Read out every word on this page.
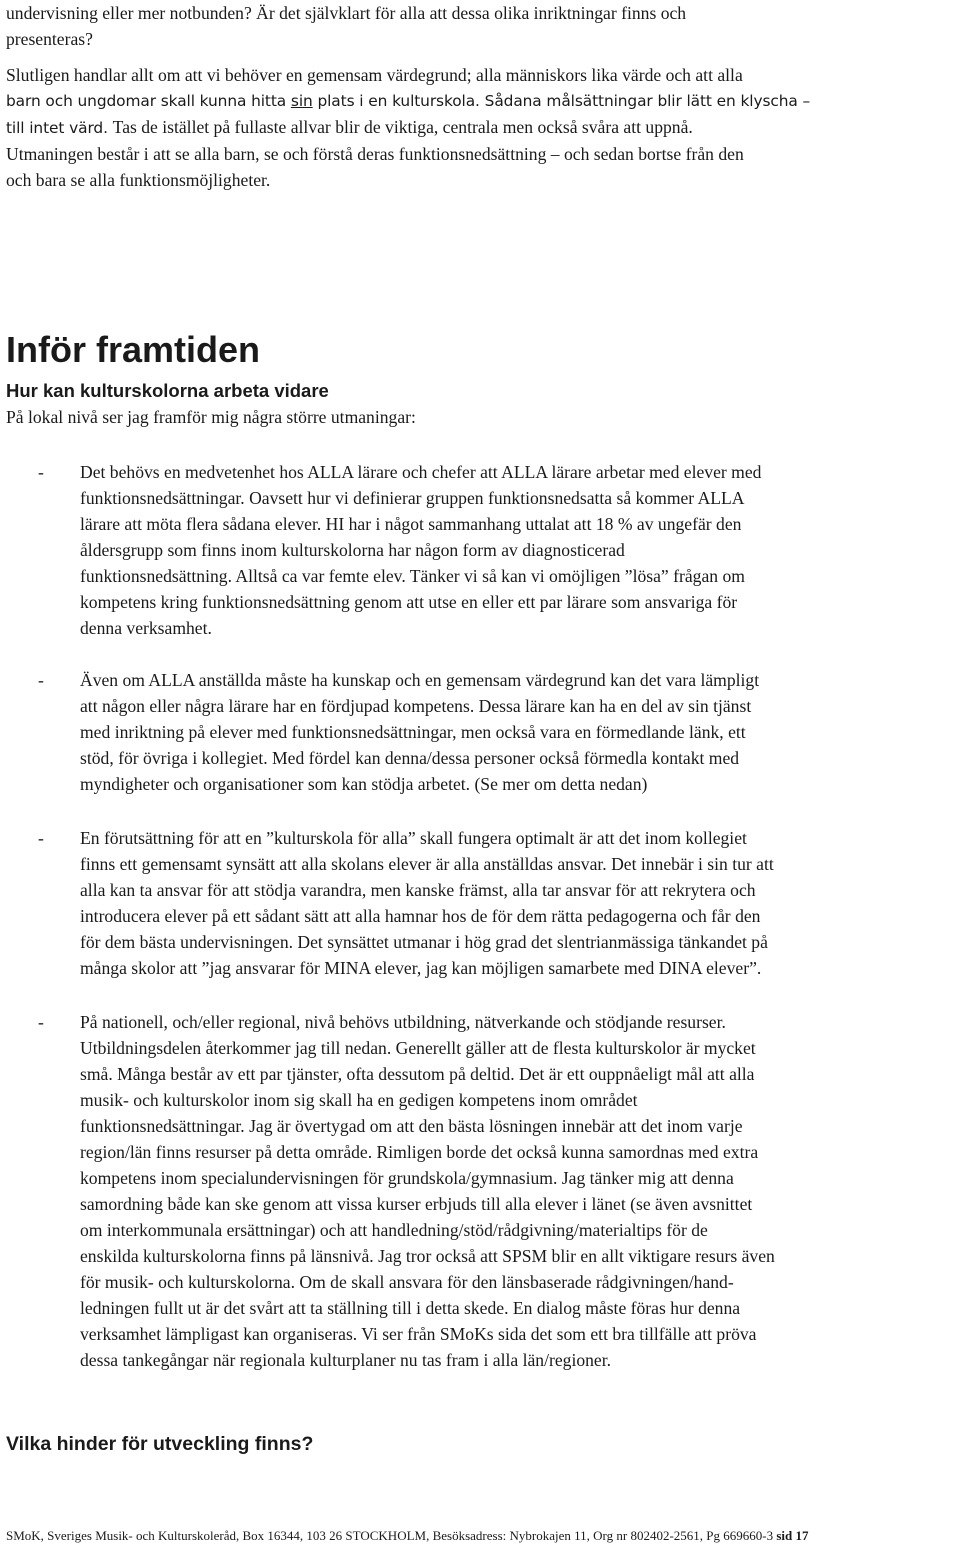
undervisning eller mer notbunden? Är det självklart för alla att dessa olika inriktningar finns och
presenteras?

Slutligen handlar allt om att vi behöver en gemensam värdegrund; alla människors lika värde och att alla
barn och ungdomar skall kunna hitta sin plats i en kulturskola. Sådana målsättningar blir lätt en klyscha –
till intet värd. Tas de istället på fullaste allvar blir de viktiga, centrala men också svåra att uppnå.
Utmaningen består i att se alla barn, se och förstå deras funktionsnedsättning – och sedan bortse från den
och bara se alla funktionsmöjligheter.

Inför framtiden
Hur kan kulturskolorna arbeta vidare

På lokal nivå ser jag framför mig några större utmaningar:

- Det behövs en medvetenhet hos ALLA lärare och chefer att ALLA lärare arbetar med elever med
funktionsnedsättningar. Oavsett hur vi definierar gruppen funktionsnedsatta så kommer ALLA
lärare att möta flera sådana elever. HI har i något sammanhang uttalat att 18 % av ungefär den
åldersgrupp som finns inom kulturskolorna har någon form av diagnosticerad
funktionsnedsättning. Alltså ca var femte elev. Tänker vi så kan vi omöjligen ”lösa” frågan om
kompetens kring funktionsnedsättning genom att utse en eller ett par lärare som ansvariga för
denna verksamhet.
- Även om ALLA anställda måste ha kunskap och en gemensam värdegrund kan det vara lämpligt
att någon eller några lärare har en fördjupad kompetens. Dessa lärare kan ha en del av sin tjänst
med inriktning på elever med funktionsnedsättningar, men också vara en förmedlande länk, ett
stöd, för övriga i kollegiet. Med fördel kan denna/dessa personer också förmedla kontakt med
myndigheter och organisationer som kan stödja arbetet. (Se mer om detta nedan)
- En förutsättning för att en ”kulturskola för alla” skall fungera optimalt är att det inom kollegiet
finns ett gemensamt synsätt att alla skolans elever är alla anställdas ansvar. Det innebär i sin tur att
alla kan ta ansvar för att stödja varandra, men kanske främst, alla tar ansvar för att rekrytera och
introducera elever på ett sådant sätt att alla hamnar hos de för dem rätta pedagogerna och får den
för dem bästa undervisningen. Det synsättet utmanar i hög grad det slentrianmässiga tänkandet på
många skolor att ”jag ansvarar för MINA elever, jag kan möjligen samarbete med DINA elever”.
- På nationell, och/eller regional, nivå behövs utbildning, nätverkande och stödjande resurser.
Utbildningsdelen återkommer jag till nedan. Generellt gäller att de flesta kulturskolor är mycket
små. Många består av ett par tjänster, ofta dessutom på deltid. Det är ett ouppnåeligt mål att alla
musik- och kulturskolor inom sig skall ha en gedigen kompetens inom området
funktionsnedsättningar. Jag är övertygad om att den bästa lösningen innebär att det inom varje
region/län finns resurser på detta område. Rimligen borde det också kunna samordnas med extra
kompetens inom specialundervisningen för grundskola/gymnasium. Jag tänker mig att denna
samordning både kan ske genom att vissa kurser erbjuds till alla elever i länet (se även avsnittet
om interkommunala ersättningar) och att handledning/stöd/rådgivning/materialtips för de
enskilda kulturskolorna finns på länsnivå. Jag tror också att SPSM blir en allt viktigare resurs även
för musik- och kulturskolorna. Om de skall ansvara för den länsbaserade rådgivningen/hand-
ledningen fullt ut är det svårt att ta ställning till i detta skede. En dialog måste föras hur denna
verksamhet lämpligast kan organiseras. Vi ser från SMoKs sida det som ett bra tillfälle att pröva
dessa tankegångar när regionala kulturplaner nu tas fram i alla län/regioner.
Vilka hinder för utveckling finns?

SMoK, Sveriges Musik- och Kulturskoleråd, Box 16344, 103 26 STOCKHOLM, Besöksadress: Nybrokajen 11, Org nr 802402-2561, Pg 669660-3 sid 17
